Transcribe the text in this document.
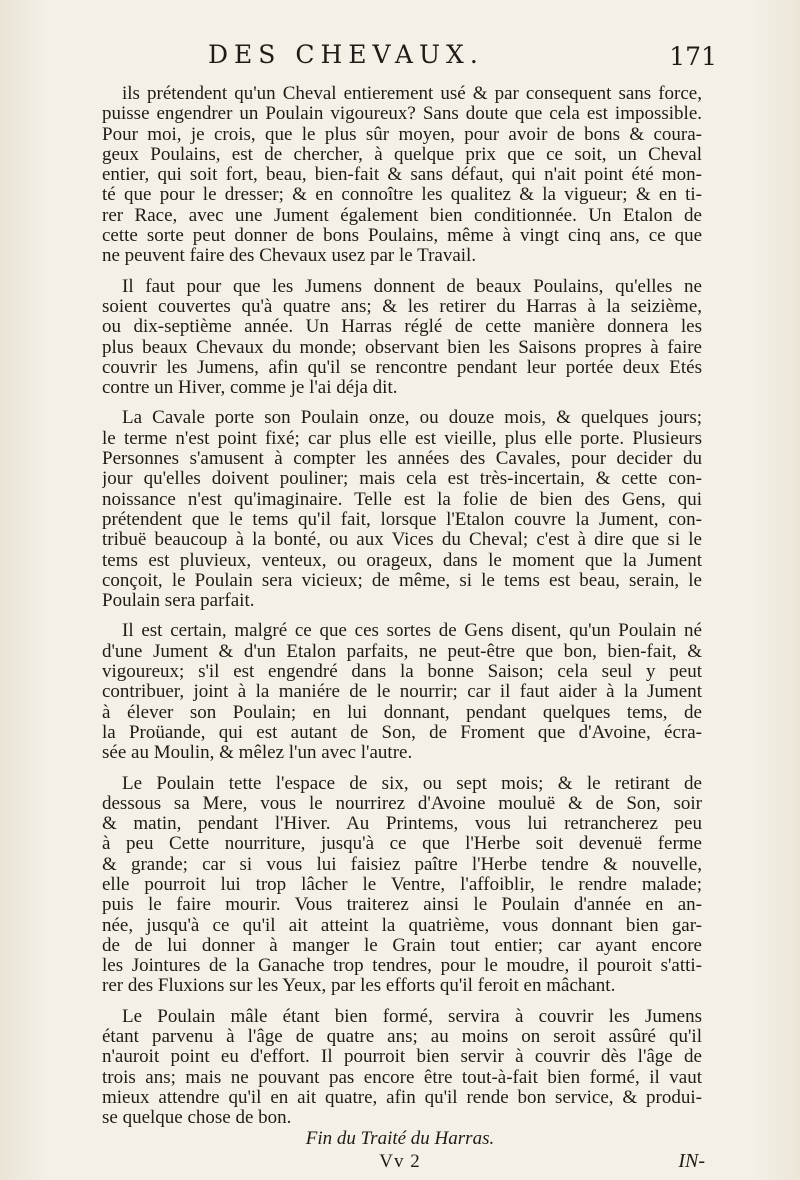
DES CHEVAUX.	171
ils prétendent qu'un Cheval entierement usé & par consequent sans force,
puisse engendrer un Poulain vigoureux? Sans doute que cela est impossible.
Pour moi, je crois, que le plus sûr moyen, pour avoir de bons & coura-
geux Poulains, est de chercher, à quelque prix que ce soit, un Cheval
entier, qui soit fort, beau, bien-fait & sans défaut, qui n'ait point été mon-
té que pour le dresser; & en connoître les qualitez & la vigueur; & en ti-
rer Race, avec une Jument également bien conditionnée. Un Etalon de
cette sorte peut donner de bons Poulains, même à vingt cinq ans, ce que
ne peuvent faire des Chevaux usez par le Travail.
Il faut pour que les Jumens donnent de beaux Poulains, qu'elles ne
soient couvertes qu'à quatre ans; & les retirer du Harras à la seizième,
ou dix-septième année. Un Harras réglé de cette manière donnera les
plus beaux Chevaux du monde; observant bien les Saisons propres à faire
couvrir les Jumens, afin qu'il se rencontre pendant leur portée deux Etés
contre un Hiver, comme je l'ai déja dit.
La Cavale porte son Poulain onze, ou douze mois, & quelques jours;
le terme n'est point fixé; car plus elle est vieille, plus elle porte. Plusieurs
Personnes s'amusent à compter les années des Cavales, pour decider du
jour qu'elles doivent pouliner; mais cela est très-incertain, & cette con-
noissance n'est qu'imaginaire. Telle est la folie de bien des Gens, qui
prétendent que le tems qu'il fait, lorsque l'Etalon couvre la Jument, con-
tribuë beaucoup à la bonté, ou aux Vices du Cheval; c'est à dire que si le
tems est pluvieux, venteux, ou orageux, dans le moment que la Jument
conçoit, le Poulain sera vicieux; de même, si le tems est beau, serain, le
Poulain sera parfait.
Il est certain, malgré ce que ces sortes de Gens disent, qu'un Poulain né
d'une Jument & d'un Etalon parfaits, ne peut-être que bon, bien-fait, &
vigoureux; s'il est engendré dans la bonne Saison; cela seul y peut
contribuer, joint à la maniére de le nourrir; car il faut aider à la Jument
à élever son Poulain; en lui donnant, pendant quelques tems, de
la Proüande, qui est autant de Son, de Froment que d'Avoine, écra-
sée au Moulin, & mêlez l'un avec l'autre.
Le Poulain tette l'espace de six, ou sept mois; & le retirant de
dessous sa Mere, vous le nourrirez d'Avoine mouluë & de Son, soir
& matin, pendant l'Hiver. Au Printems, vous lui retrancherez peu
à peu Cette nourriture, jusqu'à ce que l'Herbe soit devenuë ferme
& grande; car si vous lui faisiez paître l'Herbe tendre & nouvelle,
elle pourroit lui trop lâcher le Ventre, l'affoiblir, le rendre malade;
puis le faire mourir. Vous traiterez ainsi le Poulain d'année en an-
née, jusqu'à ce qu'il ait atteint la quatrième, vous donnant bien gar-
de de lui donner à manger le Grain tout entier; car ayant encore
les Jointures de la Ganache trop tendres, pour le moudre, il pouroit s'atti-
rer des Fluxions sur les Yeux, par les efforts qu'il feroit en mâchant.
Le Poulain mâle étant bien formé, servira à couvrir les Jumens
étant parvenu à l'âge de quatre ans; au moins on seroit assûré qu'il
n'auroit point eu d'effort. Il pourroit bien servir à couvrir dès l'âge de
trois ans; mais ne pouvant pas encore être tout-à-fait bien formé, il vaut
mieux attendre qu'il en ait quatre, afin qu'il rende bon service, & produi-
se quelque chose de bon.
Fin du Traité du Harras.
Vv 2	IN-
